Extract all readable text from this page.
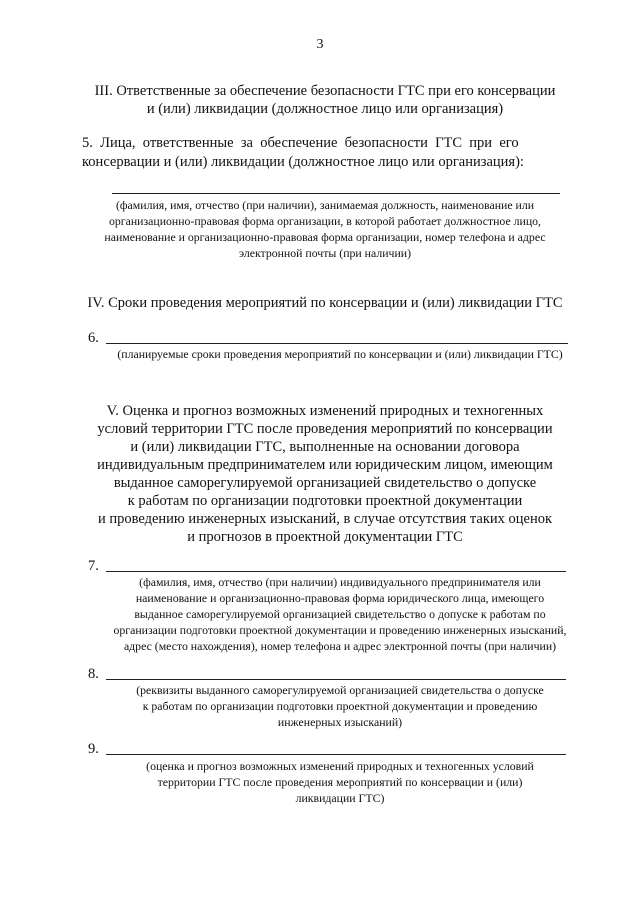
3
III. Ответственные за обеспечение безопасности ГТС при его консервации
и (или) ликвидации (должностное лицо или организация)
5.  Лица,  ответственные  за  обеспечение  безопасности  ГТС  при  его
консервации и (или) ликвидации (должностное лицо или организация):
(фамилия, имя, отчество (при наличии), занимаемая должность, наименование или
организационно-правовая форма организации, в которой работает должностное лицо,
наименование и организационно-правовая форма организации, номер телефона и адрес
электронной почты (при наличии)
IV. Сроки проведения мероприятий по консервации и (или) ликвидации ГТС
6.
(планируемые сроки проведения мероприятий по консервации и (или) ликвидации ГТС)
V. Оценка и прогноз возможных изменений природных и техногенных
условий территории ГТС после проведения мероприятий по консервации
и (или) ликвидации ГТС, выполненные на основании договора
индивидуальным предпринимателем или юридическим лицом, имеющим
выданное саморегулируемой организацией свидетельство о допуске
к работам по организации подготовки проектной документации
и проведению инженерных изысканий, в случае отсутствия таких оценок
и прогнозов в проектной документации ГТС
7.
(фамилия, имя, отчество (при наличии) индивидуального предпринимателя или
наименование и организационно-правовая форма юридического лица, имеющего
выданное саморегулируемой организацией свидетельство о допуске к работам по
организации подготовки проектной документации и проведению инженерных изысканий,
адрес (место нахождения), номер телефона и адрес электронной почты (при наличии)
8.
(реквизиты выданного саморегулируемой организацией свидетельства о допуске
к работам по организации подготовки проектной документации и проведению
инженерных изысканий)
9.
(оценка и прогноз возможных изменений природных и техногенных условий
территории ГТС после проведения мероприятий по консервации и (или)
ликвидации ГТС)
